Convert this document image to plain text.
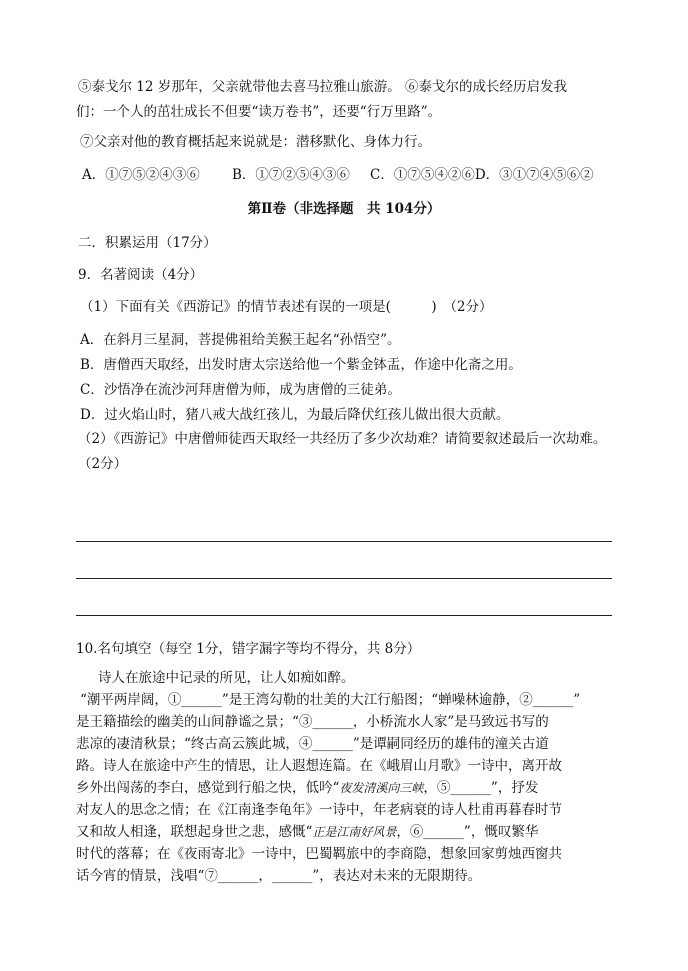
⑤泰戈尔 12 岁那年，父亲就带他去喜马拉雅山旅游。 ⑥泰戈尔的成长经历启发我
们：一个人的茁壮成长不但要“读万卷书”，还要“行万里路”。
⑦父亲对他的教育概括起来说就是：潜移默化、身体力行。
A．①⑦⑤②④③⑥ B．①⑦②⑤④③⑥ C．①⑦⑤④②⑥D．③①⑦④⑤⑥②
第Ⅱ卷（非选择题　共 104分）
二．积累运用（17分）
9．名著阅读（4分）
（1）下面有关《西游记》的情节表述有误的一项是(　　　)　（2分）
A．在斜月三星洞，菩提佛祖给美猴王起名“孙悟空”。
B．唐僧西天取经，出发时唐太宗送给他一个紫金钵盂，作途中化斋之用。
C．沙悟净在流沙河拜唐僧为师，成为唐僧的三徒弟。
D．过火焰山时，猪八戒大战红孩儿，为最后降伏红孩儿做出很大贡献。
（2）《西游记》中唐僧师徒西天取经一共经历了多少次劫难？请简要叙述最后一次劫难。
（2分）
10.名句填空（每空 1分，错字漏字等均不得分，共 8分）
诗人在旅途中记录的所见，让人如痴如醉。
“潮平两岸阔，①______”是王湾勾勒的壮美的大江行船图；“蝉噪林逾静，②______”
是王籍描绘的幽美的山间静谧之景；“③______，小桥流水人家”是马致远书写的
悲凉的凄清秋景；“终古高云簇此城，④______”是谭嗣同经历的雄伟的潼关古道
路。诗人在旅途中产生的情思，让人遐想连篇。在《峨眉山月歌》一诗中，离开故
乡外出闯荡的李白，感觉到行船之快，低吟“夜发清溪向三峡，⑤______”，抒发
对友人的思念之情；在《江南逢李龟年》一诗中，年老病衰的诗人杜甫再暮春时节
又和故人相逢，联想起身世之悲，感慨“正是江南好风景，⑥______”，慨叹繁华
时代的落幕；在《夜雨寄北》一诗中，巴蜀羁旅中的李商隐，想象回家剪烛西窗共
话今宵的情景，浅唱“⑦______，______”，表达对未来的无限期待。
